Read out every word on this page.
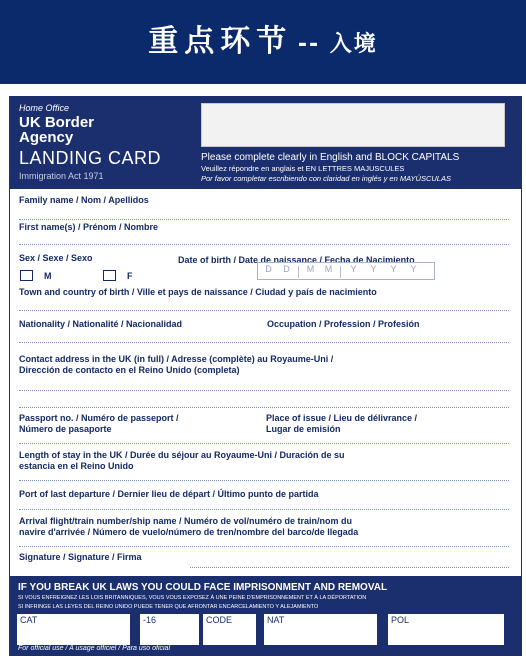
重点环节 -- 入境
Home Office
UK Border Agency
LANDING CARD
Immigration Act 1971
Please complete clearly in English and BLOCK CAPITALS
Veuillez répondre en anglais et EN LETTRES MAJUSCULES
Por favor completar escribiendo con claridad en inglés y en MAYÚSCULAS
Family name / Nom / Apellidos
First name(s) / Prénom / Nombre
Sex / Sexe / Sexo
M	F
Date of birth / Date de naissance / Fecha de Nacimiento
D	D	M	M	Y	Y	Y	Y
Town and country of birth / Ville et pays de naissance / Ciudad y país de nacimiento
Nationality / Nationalité / Nacionalidad	Occupation / Profession / Profesión
Contact address in the UK (in full) / Adresse (complète) au Royaume-Uni /
Dirección de contacto en el Reino Unido (completa)
Passport no. / Numéro de passeport /
Número de pasaporte
Place of issue / Lieu de délivrance /
Lugar de emisión
Length of stay in the UK / Durée du séjour au Royaume-Uni / Duración de su
estancia en el Reino Unido
Port of last departure / Dernier lieu de départ / Último punto de partida
Arrival flight/train number/ship name / Numéro de vol/numéro de train/nom du
navire d'arrivée / Número de vuelo/número de tren/nombre del barco/de llegada
Signature / Signature / Firma
IF YOU BREAK UK LAWS YOU COULD FACE IMPRISONMENT AND REMOVAL
SI VOUS ENFREIGNEZ LES LOIS BRITANNIQUES, VOUS VOUS EXPOSEZ À UNE PEINE D'EMPRISONNEMENT ET À LA DÉPORTATION
SI INFRINGE LAS LEYES DEL REINO UNIDO PUEDE TENER QUE AFRONTAR ENCARCELAMIENTO Y ALEJAMIENTO
CAT	-16	CODE	NAT	POL
For official use / A usage officiel / Para uso oficial
